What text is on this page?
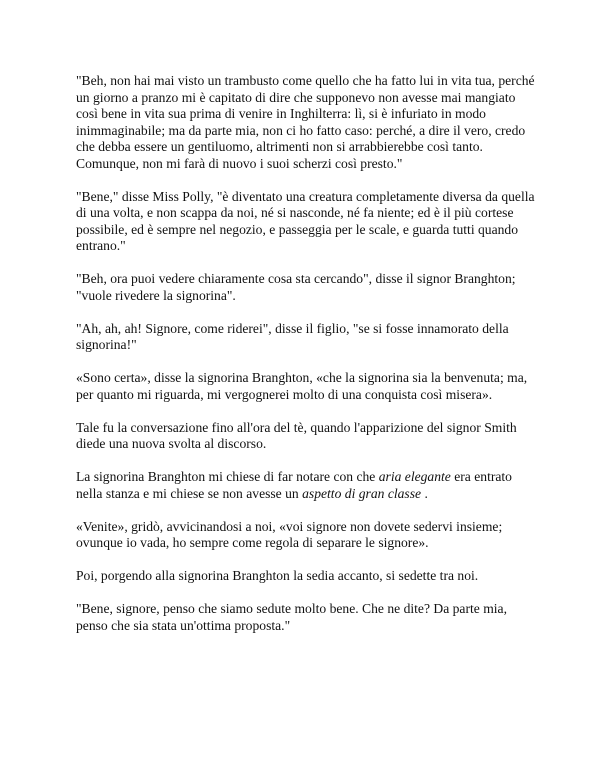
"Beh, non hai mai visto un trambusto come quello che ha fatto lui in vita tua, perché un giorno a pranzo mi è capitato di dire che supponevo non avesse mai mangiato così bene in vita sua prima di venire in Inghilterra: lì, si è infuriato in modo inimmaginabile; ma da parte mia, non ci ho fatto caso: perché, a dire il vero, credo che debba essere un gentiluomo, altrimenti non si arrabbierebbe così tanto. Comunque, non mi farà di nuovo i suoi scherzi così presto."

"Bene," disse Miss Polly, "è diventato una creatura completamente diversa da quella di una volta, e non scappa da noi, né si nasconde, né fa niente; ed è il più cortese possibile, ed è sempre nel negozio, e passeggia per le scale, e guarda tutti quando entrano."

"Beh, ora puoi vedere chiaramente cosa sta cercando", disse il signor Branghton; "vuole rivedere la signorina".

"Ah, ah, ah! Signore, come riderei", disse il figlio, "se si fosse innamorato della signorina!"

«Sono certa», disse la signorina Branghton, «che la signorina sia la benvenuta; ma, per quanto mi riguarda, mi vergognerei molto di una conquista così misera».

Tale fu la conversazione fino all'ora del tè, quando l'apparizione del signor Smith diede una nuova svolta al discorso.

La signorina Branghton mi chiese di far notare con che aria elegante era entrato nella stanza e mi chiese se non avesse un aspetto di gran classe .

«Venite», gridò, avvicinandosi a noi, «voi signore non dovete sedervi insieme; ovunque io vada, ho sempre come regola di separare le signore».

Poi, porgendo alla signorina Branghton la sedia accanto, si sedette tra noi.

"Bene, signore, penso che siamo sedute molto bene. Che ne dite? Da parte mia, penso che sia stata un'ottima proposta."
